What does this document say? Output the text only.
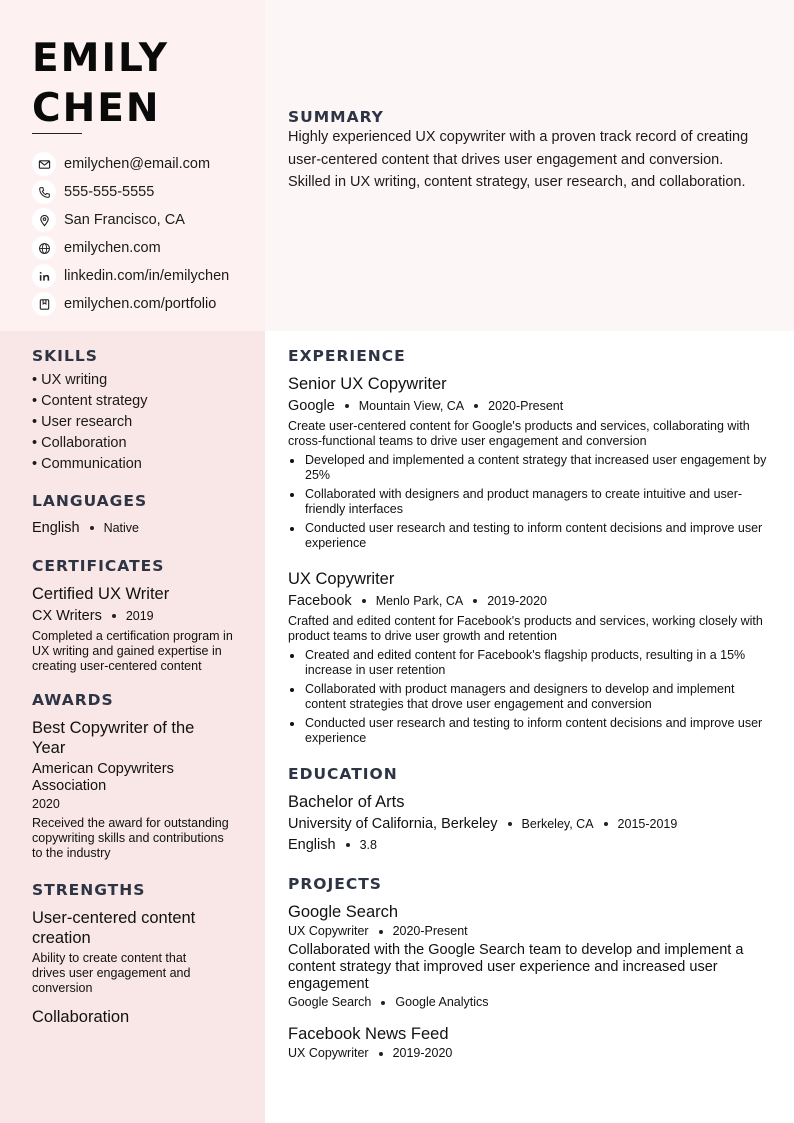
EMILY
CHEN
emilychen@email.com
555-555-5555
San Francisco, CA
emilychen.com
linkedin.com/in/emilychen
emilychen.com/portfolio
SUMMARY
Highly experienced UX copywriter with a proven track record of creating user-centered content that drives user engagement and conversion. Skilled in UX writing, content strategy, user research, and collaboration.
SKILLS
• UX writing
• Content strategy
• User research
• Collaboration
• Communication
LANGUAGES
English Native
CERTIFICATES
Certified UX Writer
CX Writers 2019
Completed a certification program in UX writing and gained expertise in creating user-centered content
AWARDS
Best Copywriter of the Year
American Copywriters Association
2020
Received the award for outstanding copywriting skills and contributions to the industry
STRENGTHS
User-centered content creation
Ability to create content that drives user engagement and conversion
Collaboration
EXPERIENCE
Senior UX Copywriter
Google Mountain View, CA 2020-Present
Create user-centered content for Google's products and services, collaborating with cross-functional teams to drive user engagement and conversion
Developed and implemented a content strategy that increased user engagement by 25%
Collaborated with designers and product managers to create intuitive and user-friendly interfaces
Conducted user research and testing to inform content decisions and improve user experience
UX Copywriter
Facebook Menlo Park, CA 2019-2020
Crafted and edited content for Facebook's products and services, working closely with product teams to drive user growth and retention
Created and edited content for Facebook's flagship products, resulting in a 15% increase in user retention
Collaborated with product managers and designers to develop and implement content strategies that drove user engagement and conversion
Conducted user research and testing to inform content decisions and improve user experience
EDUCATION
Bachelor of Arts
University of California, Berkeley Berkeley, CA 2015-2019
English 3.8
PROJECTS
Google Search
UX Copywriter 2020-Present
Collaborated with the Google Search team to develop and implement a content strategy that improved user experience and increased user engagement
Google Search Google Analytics
Facebook News Feed
UX Copywriter 2019-2020
